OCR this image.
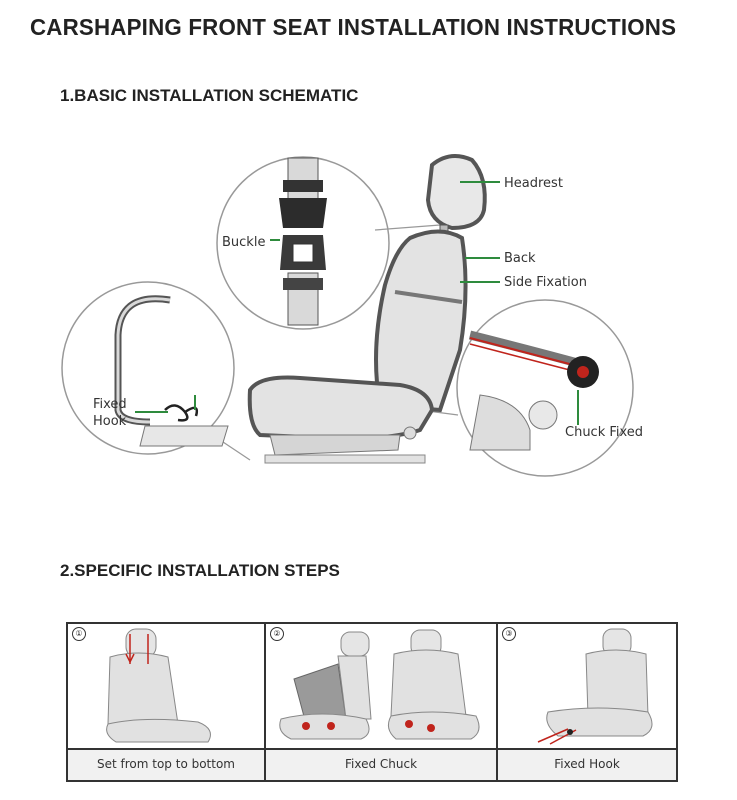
CARSHAPING FRONT SEAT INSTALLATION INSTRUCTIONS
1.BASIC INSTALLATION SCHEMATIC
Headrest
Back
Side Fixation
Buckle
Fixed Hook
Chuck Fixed
2.SPECIFIC INSTALLATION STEPS
①
Set from top to bottom
②
Fixed Chuck
③
Fixed Hook
